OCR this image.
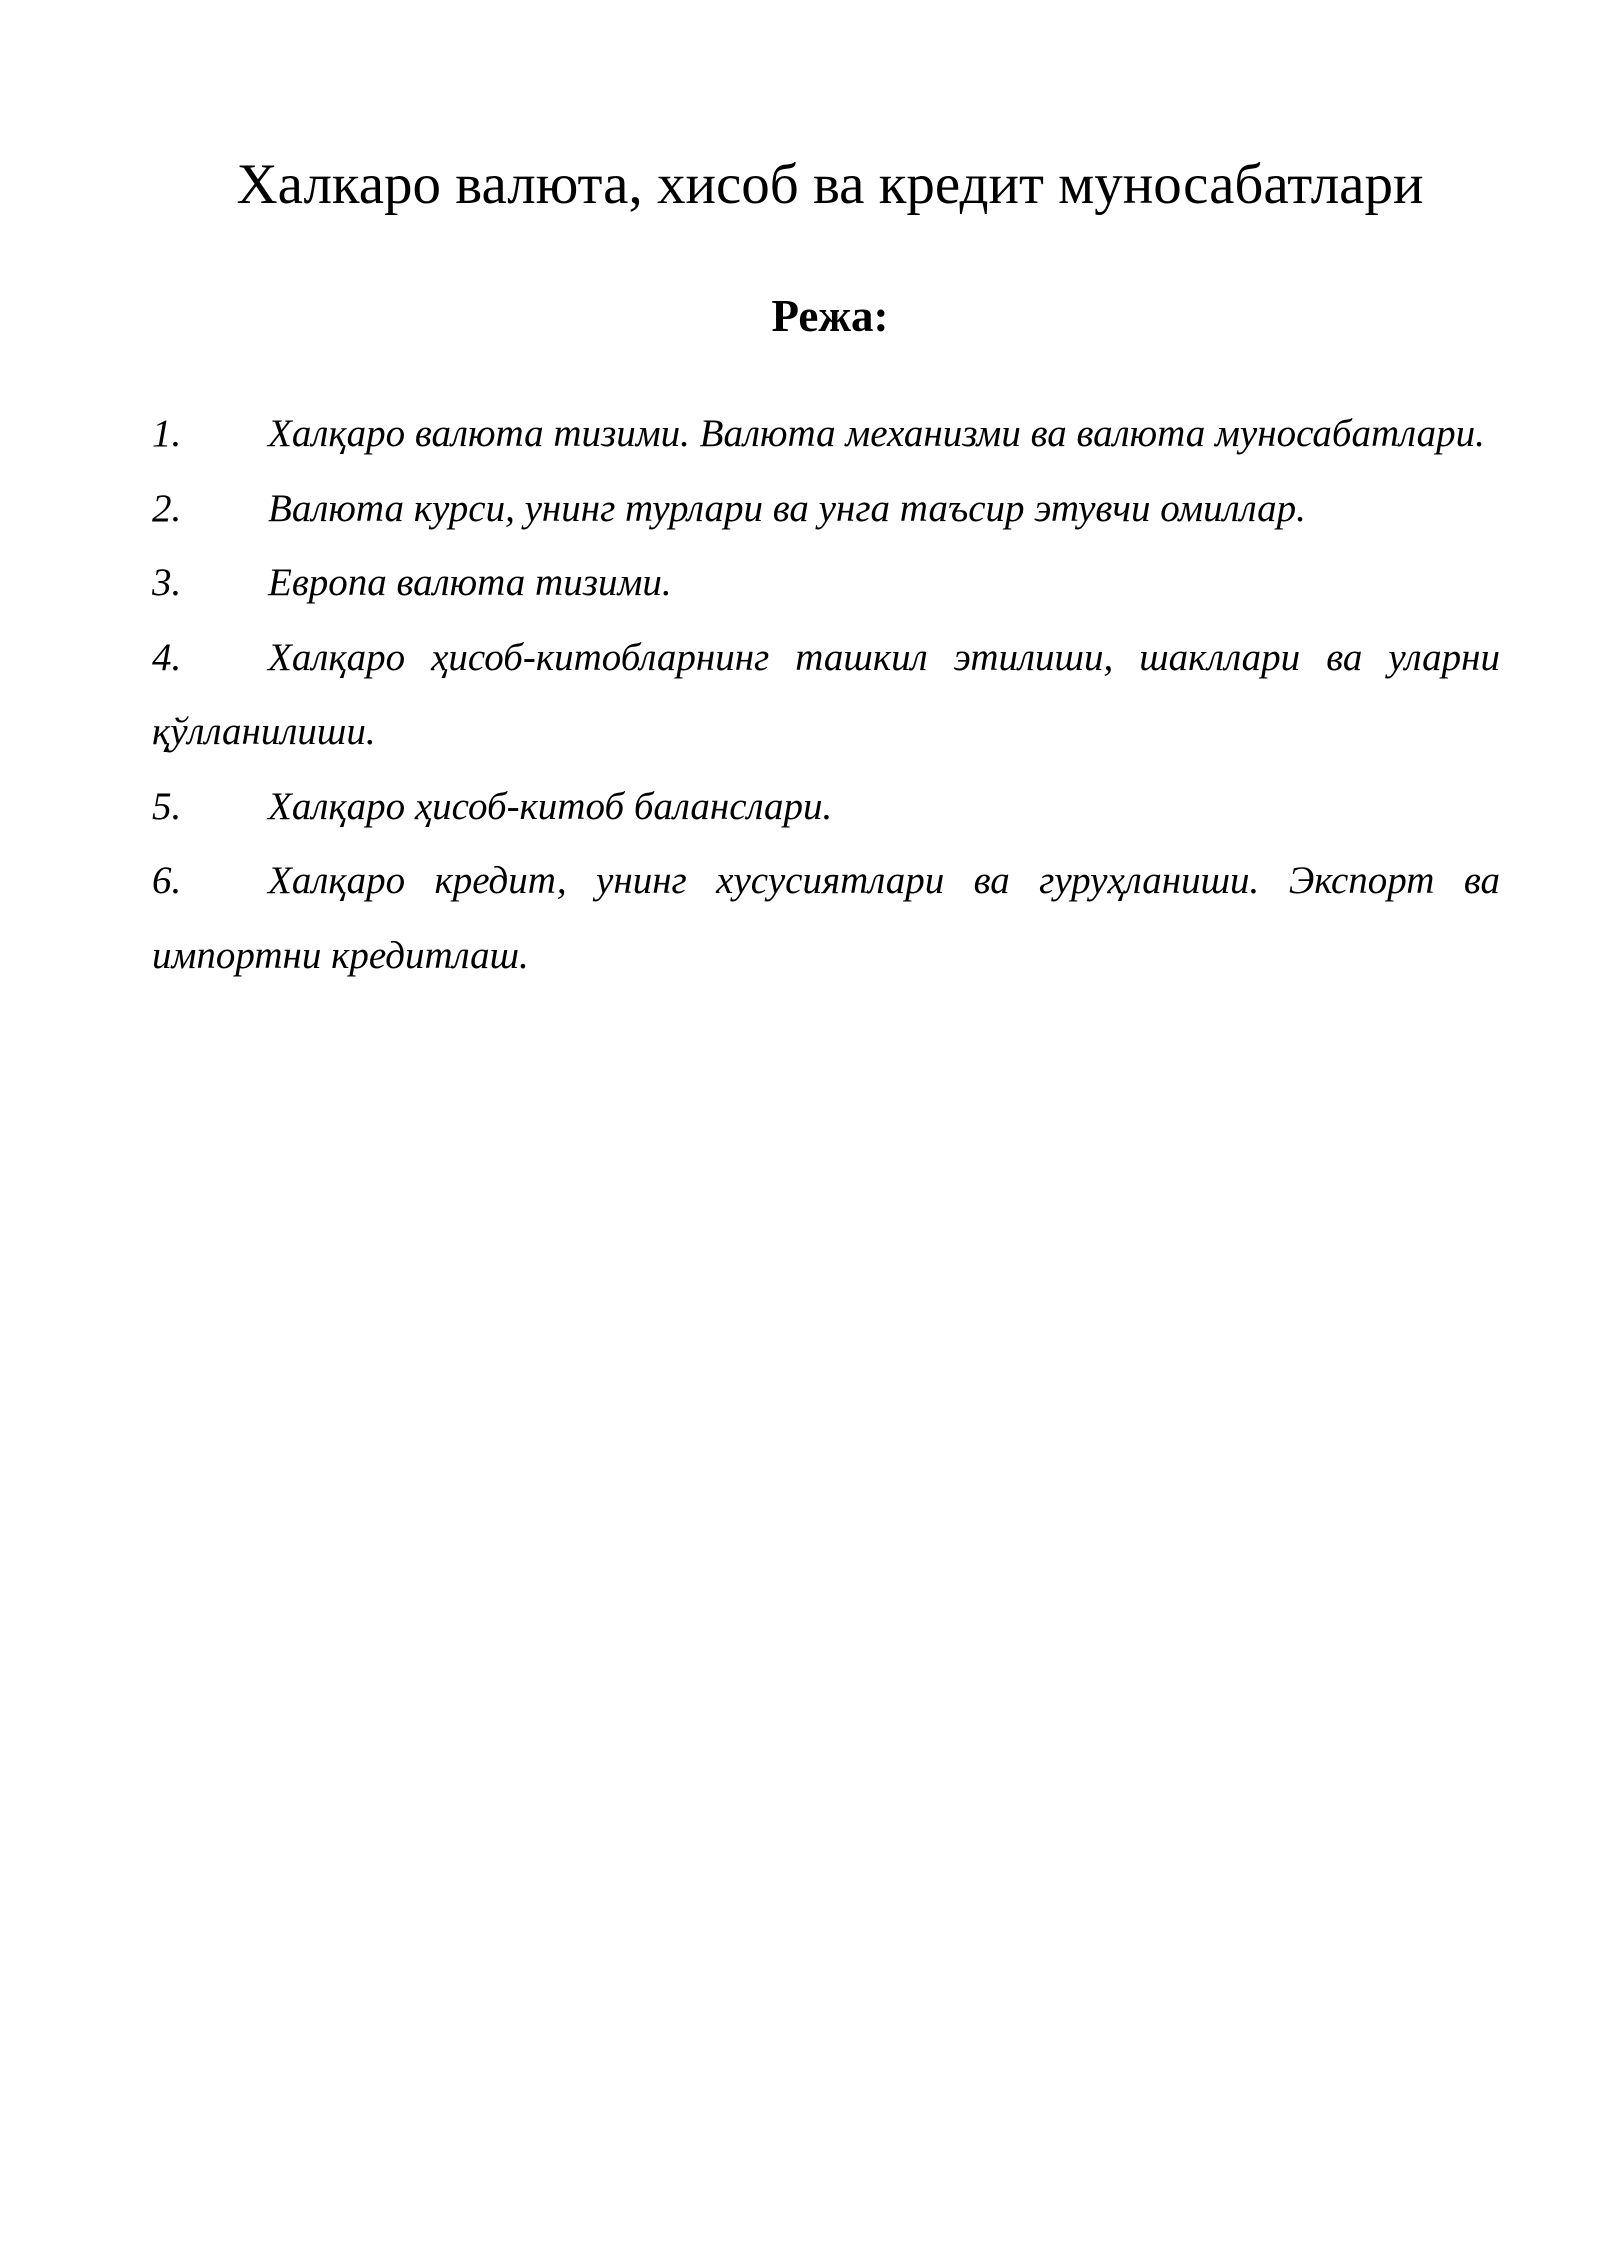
Халкаро валюта, хисоб ва кредит муносабатлари
Режа:
1. Халқаро валюта тизими. Валюта механизми ва валюта муносабатлари.
2. Валюта курси, унинг турлари ва унга таъсир этувчи омиллар.
3. Европа валюта тизими.
4. Халқаро ҳисоб-китобларнинг ташкил этилиши, шакллари ва уларни қўлланилиши.
5. Халқаро ҳисоб-китоб баланслари.
6. Халқаро кредит, унинг хусусиятлари ва гуруҳланиши. Экспорт ва импортни кредитлаш.
